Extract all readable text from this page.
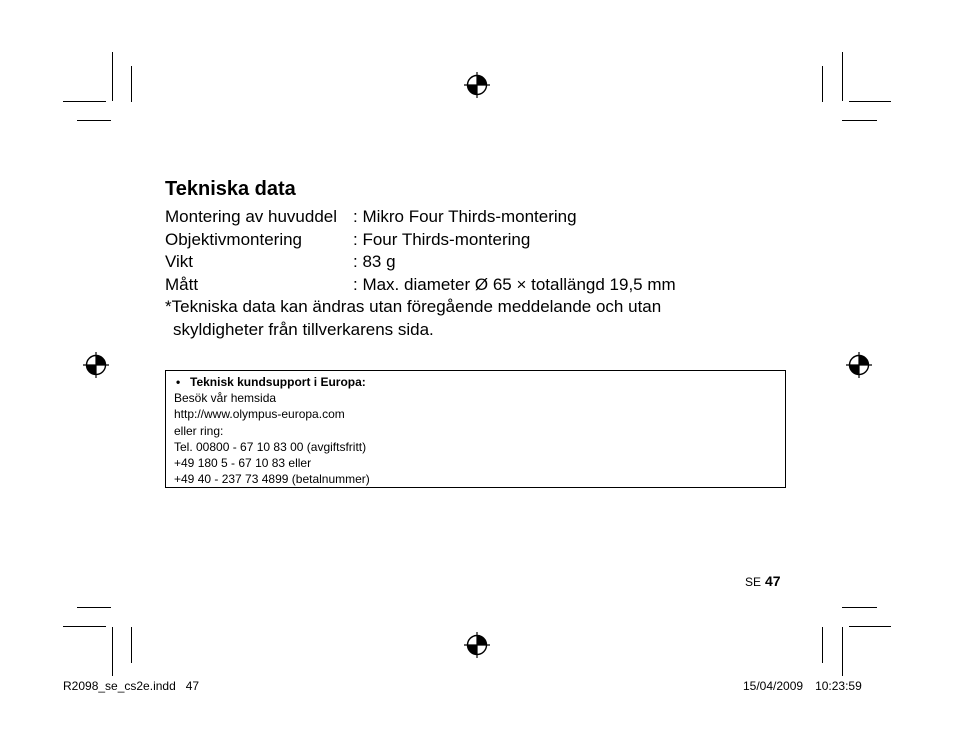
Tekniska data
Montering av huvuddel : Mikro Four Thirds-montering
Objektivmontering	: Four Thirds-montering
Vikt	: 83 g
Mått	: Max. diameter Ø 65 × totallängd 19,5 mm
*Tekniska data kan ändras utan föregående meddelande och utan
skyldigheter från tillverkarens sida.
• Teknisk kundsupport i Europa:
Besök vår hemsida
http://www.olympus-europa.com
eller ring:
Tel. 00800 - 67 10 83 00 (avgiftsfritt)
+49 180 5 - 67 10 83 eller
+49 40 - 237 73 4899 (betalnummer)
SE 47
R2098_se_cs2e.indd   47	15/04/2009 10:23:59
